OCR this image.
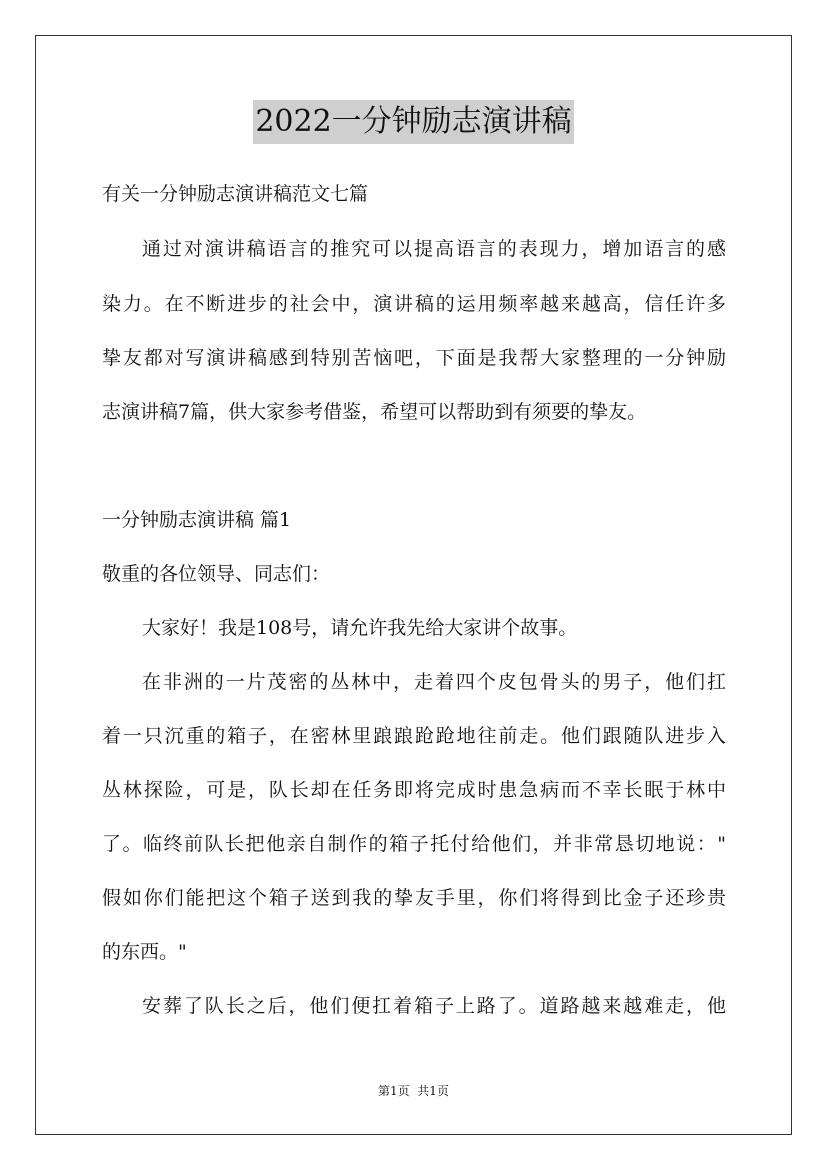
2022一分钟励志演讲稿
有关一分钟励志演讲稿范文七篇
通过对演讲稿语言的推究可以提高语言的表现力，增加语言的感
染力。在不断进步的社会中，演讲稿的运用频率越来越高，信任许多
挚友都对写演讲稿感到特别苦恼吧，下面是我帮大家整理的一分钟励
志演讲稿7篇，供大家参考借鉴，希望可以帮助到有须要的挚友。
一分钟励志演讲稿 篇1
敬重的各位领导、同志们：
大家好！我是108号，请允许我先给大家讲个故事。
在非洲的一片茂密的丛林中，走着四个皮包骨头的男子，他们扛
着一只沉重的箱子，在密林里踉踉跄跄地往前走。他们跟随队进步入
丛林探险，可是，队长却在任务即将完成时患急病而不幸长眠于林中
了。临终前队长把他亲自制作的箱子托付给他们，并非常恳切地说："
假如你们能把这个箱子送到我的挚友手里，你们将得到比金子还珍贵
的东西。"
安葬了队长之后，他们便扛着箱子上路了。道路越来越难走，他
第1页  共1页
